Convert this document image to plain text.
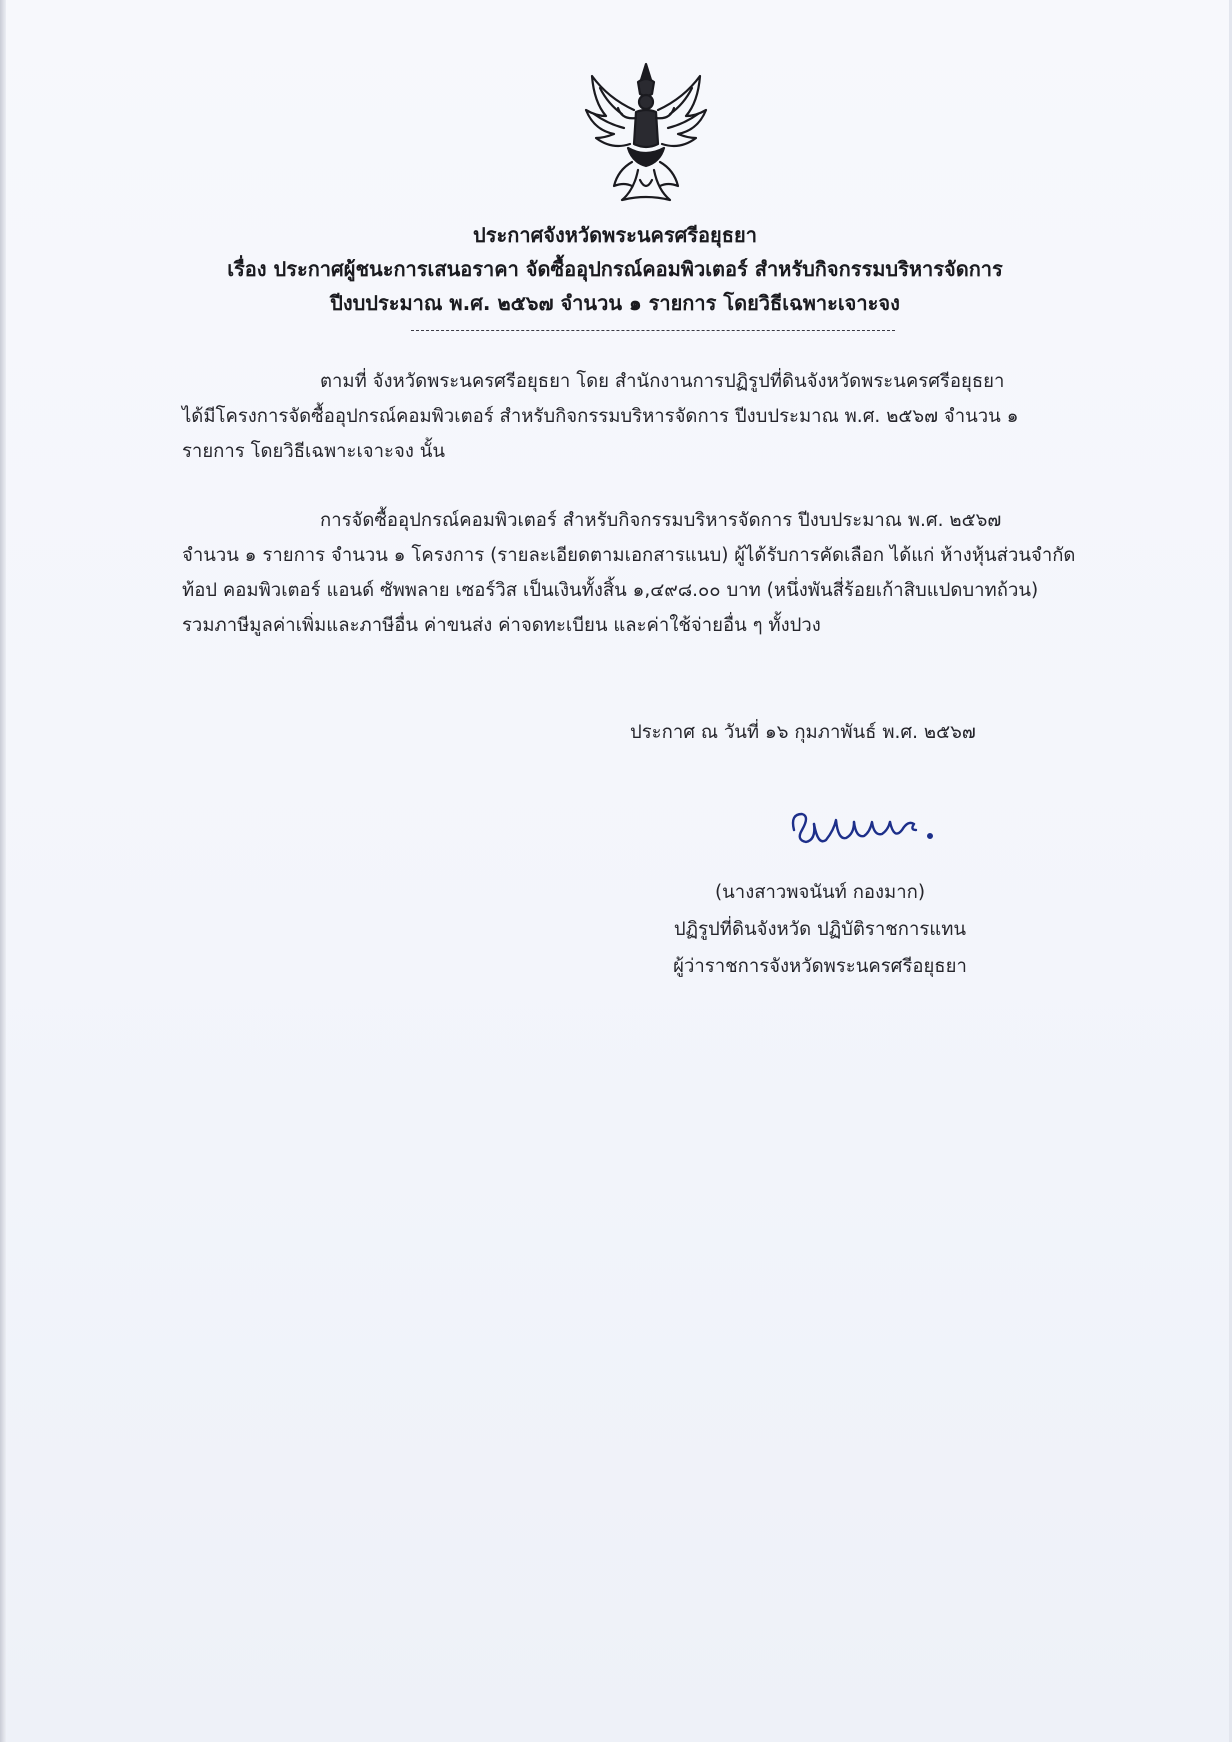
ประกาศจังหวัดพระนครศรีอยุธยา
เรื่อง ประกาศผู้ชนะการเสนอราคา จัดซื้ออุปกรณ์คอมพิวเตอร์ สำหรับกิจกรรมบริหารจัดการ
ปีงบประมาณ พ.ศ. ๒๕๖๗ จำนวน ๑ รายการ โดยวิธีเฉพาะเจาะจง
ตามที่ จังหวัดพระนครศรีอยุธยา โดย สำนักงานการปฏิรูปที่ดินจังหวัดพระนครศรีอยุธยา
ได้มีโครงการจัดซื้ออุปกรณ์คอมพิวเตอร์ สำหรับกิจกรรมบริหารจัดการ ปีงบประมาณ พ.ศ. ๒๕๖๗ จำนวน ๑
รายการ โดยวิธีเฉพาะเจาะจง นั้น
การจัดซื้ออุปกรณ์คอมพิวเตอร์ สำหรับกิจกรรมบริหารจัดการ ปีงบประมาณ พ.ศ. ๒๕๖๗
จำนวน ๑ รายการ จำนวน ๑ โครงการ (รายละเอียดตามเอกสารแนบ) ผู้ได้รับการคัดเลือก ได้แก่ ห้างหุ้นส่วนจำกัด
ท้อป คอมพิวเตอร์ แอนด์ ซัพพลาย เซอร์วิส เป็นเงินทั้งสิ้น ๑,๔๙๘.๐๐ บาท (หนึ่งพันสี่ร้อยเก้าสิบแปดบาทถ้วน)
รวมภาษีมูลค่าเพิ่มและภาษีอื่น ค่าขนส่ง ค่าจดทะเบียน และค่าใช้จ่ายอื่น ๆ ทั้งปวง
ประกาศ ณ วันที่ ๑๖ กุมภาพันธ์ พ.ศ. ๒๕๖๗
(นางสาวพจนันท์ กองมาก)
ปฏิรูปที่ดินจังหวัด ปฏิบัติราชการแทน
ผู้ว่าราชการจังหวัดพระนครศรีอยุธยา
